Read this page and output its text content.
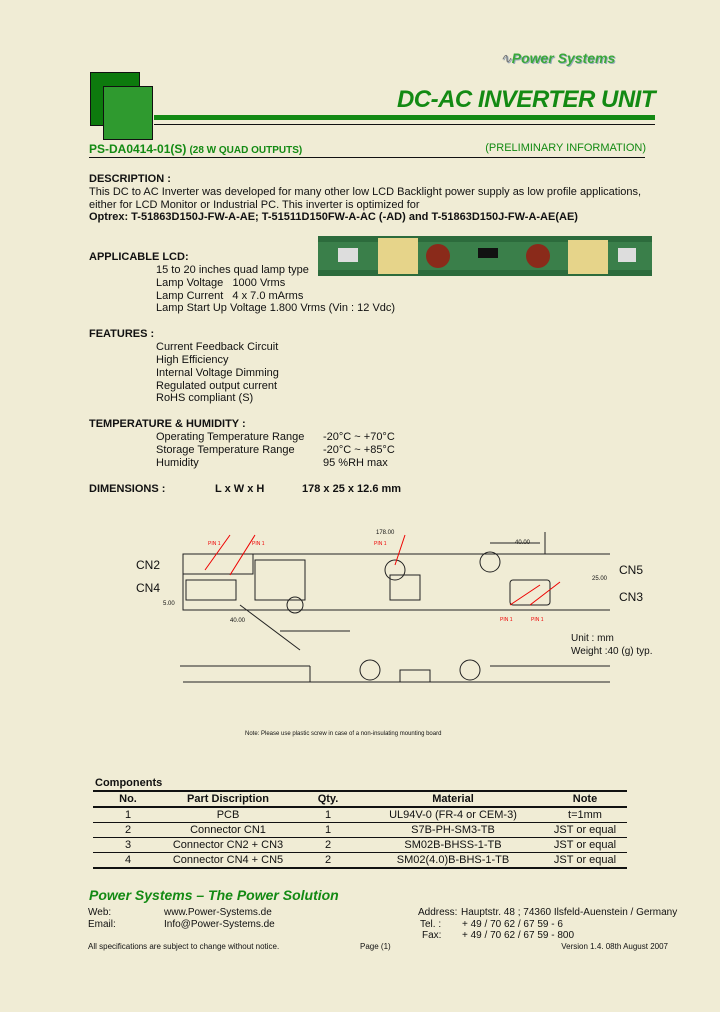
∿Power Systems
DC-AC INVERTER UNIT
PS-DA0414-01(S) (28 W QUAD OUTPUTS)	(PRELIMINARY INFORMATION)
DESCRIPTION :
This DC to AC Inverter was developed for many other low LCD Backlight power supply as low profile applications,
either for LCD Monitor or Industrial PC. This inverter is optimized for
Optrex: T-51863D150J-FW-A-AE; T-51511D150FW-A-AC (-AD) and T-51863D150J-FW-A-AE(AE)
APPLICABLE LCD:
15 to 20 inches quad lamp type
Lamp Voltage   1000 Vrms
Lamp Current   4 x 7.0 mArms
Lamp Start Up Voltage 1.800 Vrms (Vin : 12 Vdc)
FEATURES :
Current Feedback Circuit
High Efficiency
Internal Voltage Dimming
Regulated output current
RoHS compliant (S)
TEMPERATURE & HUMIDITY :
Operating Temperature Range -20°C ~ +70°C
Storage Temperature Range	-20°C ~ +85°C
Humidity	95 %RH max
DIMENSIONS :	L x W x H	178 x 25 x 12.6 mm
178.00
40.00
40.00
25.00
5.00
PIN 1	PIN 1	PIN 1
PIN 1	PIN 1
CN2
CN4
CN5
CN3
Unit : mm
Weight :40 (g) typ.
Note: Please use plastic screw in case of a non-insulating mounting board
Components
No.	Part Discription	Qty.	Material	Note
1	PCB	1	UL94V-0 (FR-4 or CEM-3)	t=1mm
2	Connector CN1	1	S7B-PH-SM3-TB	JST or equal
3	Connector CN2 + CN3	2	SM02B-BHSS-1-TB	JST or equal
4	Connector CN4 + CN5	2	SM02(4.0)B-BHS-1-TB	JST or equal
Power Systems – The Power Solution
Web:	www.Power-Systems.de
Email:	Info@Power-Systems.de
Address: Hauptstr. 48 ; 74360 Ilsfeld-Auenstein / Germany
Tel. : + 49 / 70 62 / 67 59 - 6
Fax: + 49 / 70 62 / 67 59 - 800
All specifications are subject to change without notice.	Page (1)	Version 1.4. 08th August 2007
